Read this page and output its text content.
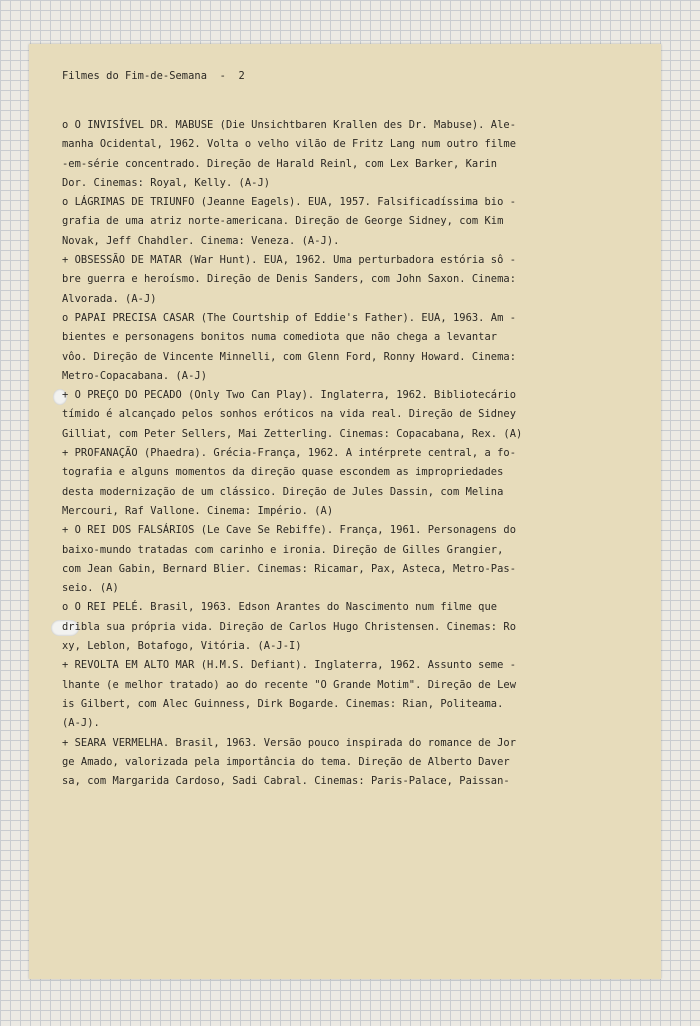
Filmes do Fim-de-Semana  -  2
o O INVISÍVEL DR. MABUSE (Die Unsichtbaren Krallen des Dr. Mabuse). Ale-
manha Ocidental, 1962. Volta o velho vilão de Fritz Lang num outro filme
-em-série concentrado. Direção de Harald Reinl, com Lex Barker, Karin
Dor. Cinemas: Royal, Kelly. (A-J)
o LÁGRIMAS DE TRIUNFO (Jeanne Eagels). EUA, 1957. Falsificadíssima bio -
grafia de uma atriz norte-americana. Direção de George Sidney, com Kim
Novak, Jeff Chahdler. Cinema: Veneza. (A-J).
+ OBSESSÃO DE MATAR (War Hunt). EUA, 1962. Uma perturbadora estória sô -
bre guerra e heroísmo. Direção de Denis Sanders, com John Saxon. Cinema:
Alvorada. (A-J)
o PAPAI PRECISA CASAR (The Courtship of Eddie's Father). EUA, 1963. Am -
bientes e personagens bonitos numa comediota que não chega a levantar
vôo. Direção de Vincente Minnelli, com Glenn Ford, Ronny Howard. Cinema:
Metro-Copacabana. (A-J)
+ O PREÇO DO PECADO (Only Two Can Play). Inglaterra, 1962. Bibliotecário
tímido é alcançado pelos sonhos eróticos na vida real. Direção de Sidney
Gilliat, com Peter Sellers, Mai Zetterling. Cinemas: Copacabana, Rex. (A)
+ PROFANAÇÃO (Phaedra). Grécia-França, 1962. A intérprete central, a fo-
tografia e alguns momentos da direção quase escondem as impropriedades
desta modernização de um clássico. Direção de Jules Dassin, com Melina
Mercouri, Raf Vallone. Cinema: Império. (A)
+ O REI DOS FALSÁRIOS (Le Cave Se Rebiffe). França, 1961. Personagens do
baixo-mundo tratadas com carinho e ironia. Direção de Gilles Grangier,
com Jean Gabin, Bernard Blier. Cinemas: Ricamar, Pax, Asteca, Metro-Pas-
seio. (A)
o O REI PELÉ. Brasil, 1963. Edson Arantes do Nascimento num filme que
dribla sua própria vida. Direção de Carlos Hugo Christensen. Cinemas: Ro
xy, Leblon, Botafogo, Vitória. (A-J-I)
+ REVOLTA EM ALTO MAR (H.M.S. Defiant). Inglaterra, 1962. Assunto seme -
lhante (e melhor tratado) ao do recente "O Grande Motim". Direção de Lew
is Gilbert, com Alec Guinness, Dirk Bogarde. Cinemas: Rian, Politeama.
(A-J).
+ SEARA VERMELHA. Brasil, 1963. Versão pouco inspirada do romance de Jor
ge Amado, valorizada pela importância do tema. Direção de Alberto Daver
sa, com Margarida Cardoso, Sadi Cabral. Cinemas: Paris-Palace, Paissan-
